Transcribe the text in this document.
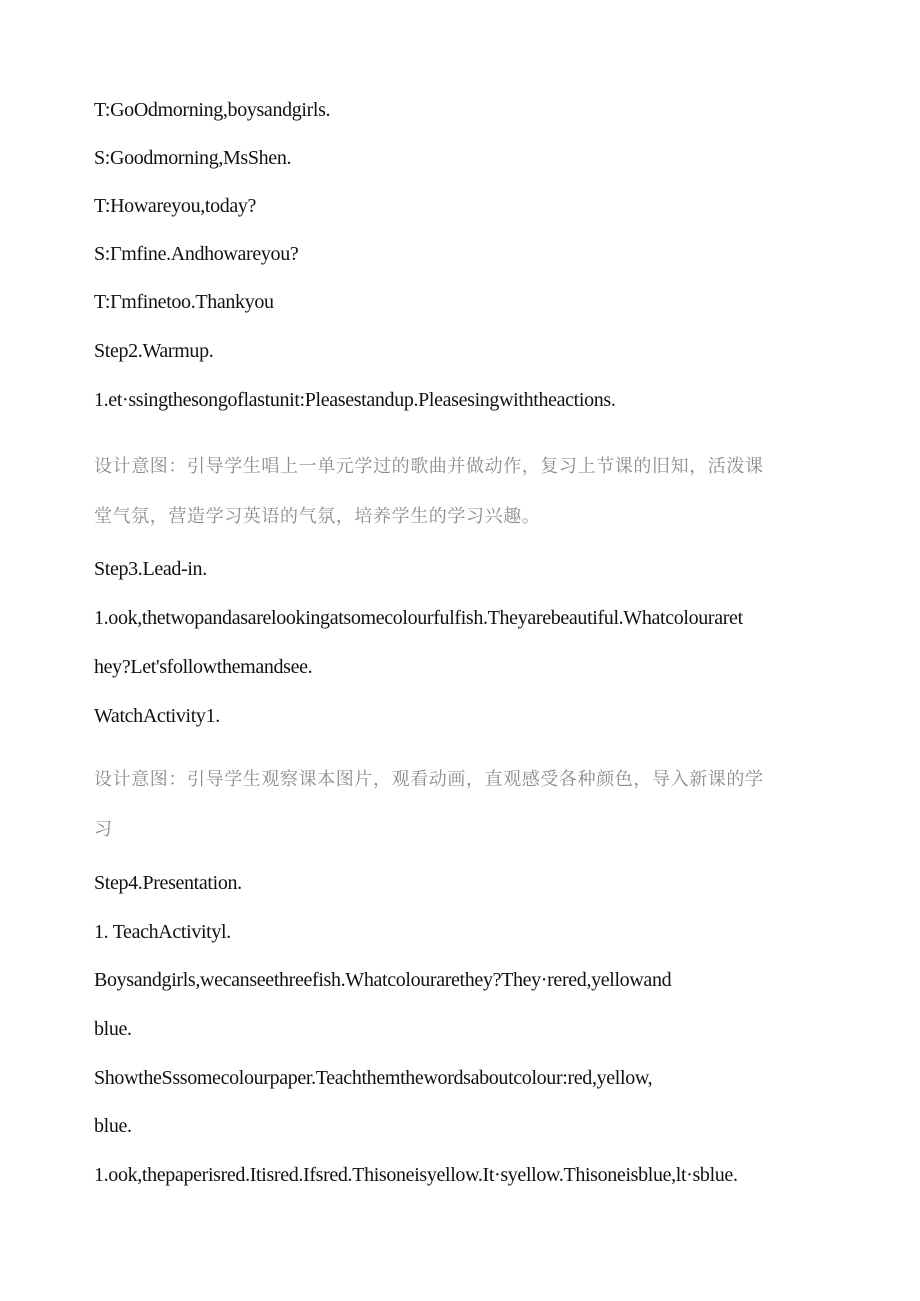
T:GoOdmorning,boysandgirls.

S:Goodmorning,MsShen.

T:Howareyou,today?

S:Γmfine.Andhowareyou?

T:Γmfinetoo.Thankyou

Step2.Warmup.

1.et·ssingthesongoflastunit:Pleasestandup.Pleasesingwiththeactions.

设计意图：引导学生唱上一单元学过的歌曲并做动作，复习上节课的旧知，活泼课

堂气氛，营造学习英语的气氛，培养学生的学习兴趣。

Step3.Lead-in.

1.ook,thetwopandasarelookingatsomecolourfulfish.Theyarebeautiful.Whatcolouraret

hey?Let'sfollowthemandsee.

WatchActivity1.

设计意图：引导学生观察课本图片，观看动画，直观感受各种颜色，导入新课的学

习

Step4.Presentation.

1. TeachActivityl.

Boysandgirls,wecanseethreefish.Whatcolourarethey?They·rered,yellowand

blue.

ShowtheSssomecolourpaper.Teachthemthewordsaboutcolour:red,yellow,

blue.

1.ook,thepaperisred.Itisred.Ifsred.Thisoneisyellow.It·syellow.Thisoneisblue,lt·sblue.
